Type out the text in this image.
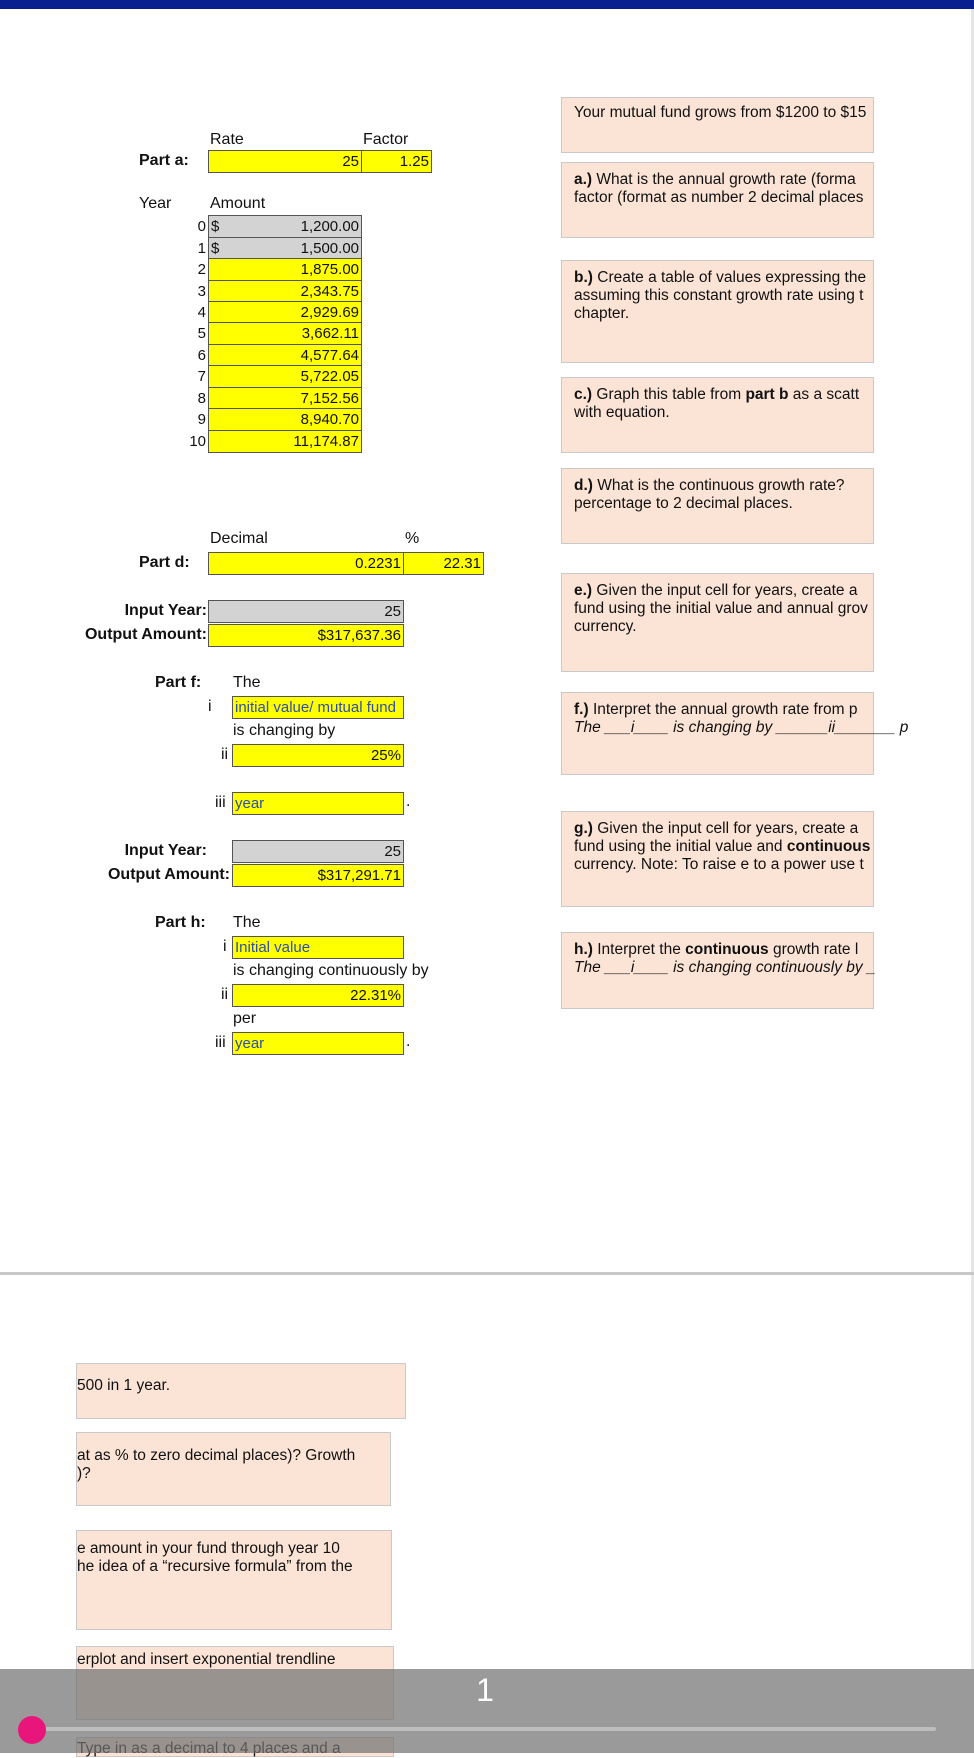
Part a:
Rate	Factor
25	1.25
Year Amount
0 $	1,200.00
1 $	1,500.00
2	1,875.00
3	2,343.75
4	2,929.69
5	3,662.11
6	4,577.64
7	5,722.05
8	7,152.56
9	8,940.70
10	11,174.87
Decimal	%
Part d:	0.2231	22.31
Input Year:	25
Output Amount:	$317,637.36
Part f: The
i initial value/ mutual fund
is changing by
ii	25%
iii year	.
Input Year:	25
Output Amount:	$317,291.71
Part h: The
i Initial value
is changing continuously by
ii	22.31%
per
iii year	.
Your mutual fund grows from $1200 to $15
a.) What is the annual growth rate (forma
factor (format as number 2 decimal places
b.) Create a table of values expressing the
assuming this constant growth rate using t
chapter.
c.) Graph this table from part b as a scatt
with equation.
d.) What is the continuous growth rate?
percentage to 2 decimal places.
e.) Given the input cell for years, create a
fund using the initial value and annual grov
currency.
f.) Interpret the annual growth rate from p
The ___i____ is changing by ______ii_______ p
g.) Given the input cell for years, create a
fund using the initial value and continuous
currency. Note: To raise e to a power use t
h.) Interpret the continuous growth rate l
The ___i____ is changing continuously by _
500 in 1 year.
at as % to zero decimal places)? Growth
)?
e amount in your fund through year 10
he idea of a “recursive formula” from the
erplot and insert exponential trendline
1
